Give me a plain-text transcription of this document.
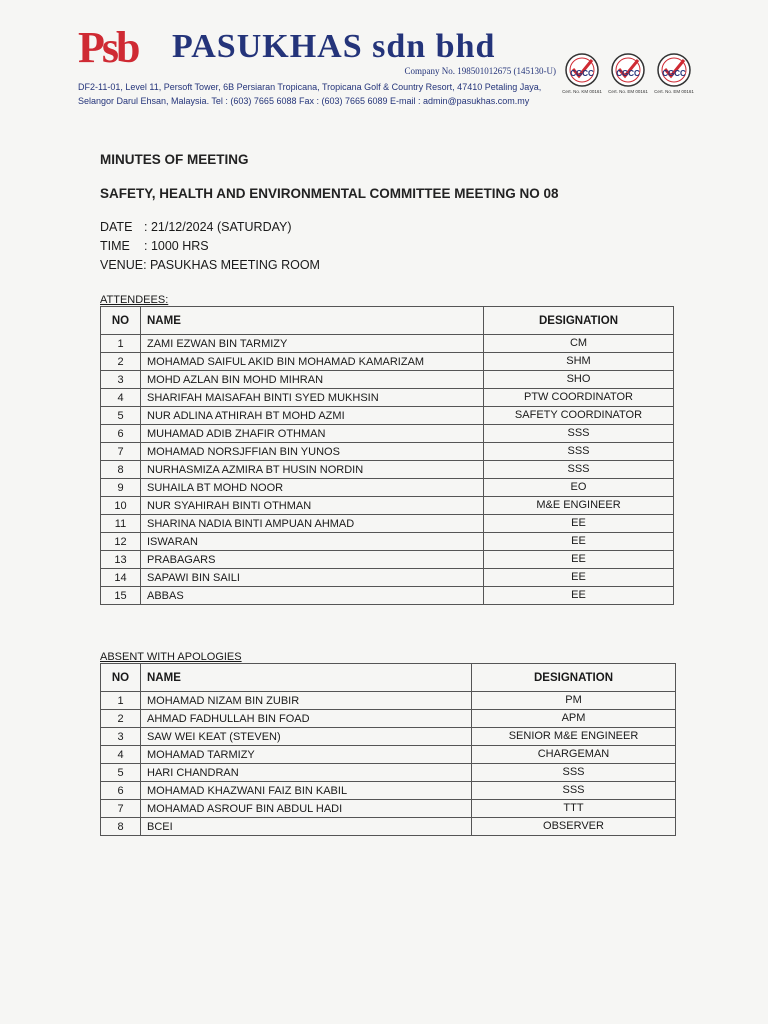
Psb PASUKHAS sdn bhd
Company No. 198501012675 (145130-U)
DF2-11-01, Level 11, Persoft Tower, 6B Persiaran Tropicana, Tropicana Golf & Country Resort, 47410 Petaling Jaya,
Selangor Darul Ehsan, Malaysia. Tel : (603) 7665 6088 Fax : (603) 7665 6089 E-mail : admin@pasukhas.com.my
CGCC
Cert. No. KM 00161
CGCC
Cert. No. EM 00161
CGCC
Cert. No. EM 00161
MINUTES OF MEETING
SAFETY, HEALTH AND ENVIRONMENTAL COMMITTEE MEETING NO 08
DATE : 21/12/2024 (SATURDAY)
TIME : 1000 HRS
VENUE: PASUKHAS MEETING ROOM
ATTENDEES:
NO	NAME	DESIGNATION
1	ZAMI EZWAN BIN TARMIZY	CM
2	MOHAMAD SAIFUL AKID BIN MOHAMAD KAMARIZAM	SHM
3	MOHD AZLAN BIN MOHD MIHRAN	SHO
4	SHARIFAH MAISAFAH BINTI SYED MUKHSIN	PTW COORDINATOR
5	NUR ADLINA ATHIRAH BT MOHD AZMI	SAFETY COORDINATOR
6	MUHAMAD ADIB ZHAFIR OTHMAN	SSS
7	MOHAMAD NORSJFFIAN BIN YUNOS	SSS
8	NURHASMIZA AZMIRA BT HUSIN NORDIN	SSS
9	SUHAILA BT MOHD NOOR	EO
10	NUR SYAHIRAH BINTI OTHMAN	M&E ENGINEER
11	SHARINA NADIA BINTI AMPUAN AHMAD	EE
12	ISWARAN	EE
13	PRABAGARS	EE
14	SAPAWI BIN SAILI	EE
15	ABBAS	EE
ABSENT WITH APOLOGIES
NO	NAME	DESIGNATION
1	MOHAMAD NIZAM BIN ZUBIR	PM
2	AHMAD FADHULLAH BIN FOAD	APM
3	SAW WEI KEAT (STEVEN)	SENIOR M&E ENGINEER
4	MOHAMAD TARMIZY	CHARGEMAN
5	HARI CHANDRAN	SSS
6	MOHAMAD KHAZWANI FAIZ BIN KABIL	SSS
7	MOHAMAD ASROUF BIN ABDUL HADI	TTT
8	BCEI	OBSERVER
